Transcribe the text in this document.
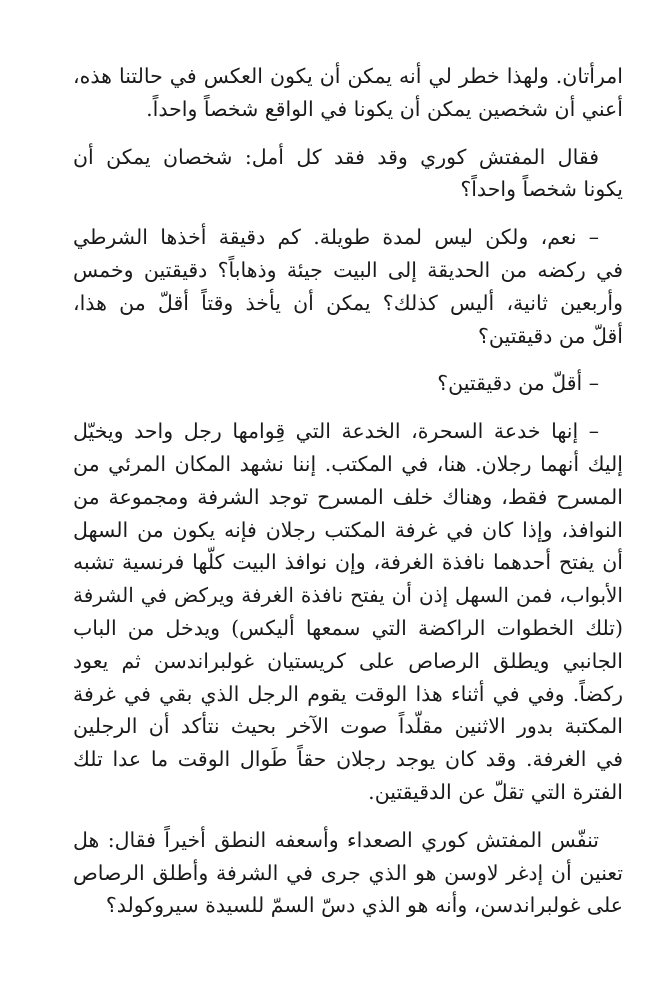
امرأتان. ولهذا خطر لي أنه يمكن أن يكون العكس في حالتنا هذه،
أعني أن شخصين يمكن أن يكونا في الواقع شخصاً واحداً.
فقال المفتش كوري وقد فقد كل أمل: شخصان يمكن أن
يكونا شخصاً واحداً؟
– نعم، ولكن ليس لمدة طويلة. كم دقيقة أخذها الشرطي
في ركضه من الحديقة إلى البيت جيئة وذهاباً؟ دقيقتين وخمس
وأربعين ثانية، أليس كذلك؟ يمكن أن يأخذ وقتاً أقلّ من هذا،
أقلّ من دقيقتين؟
– أقلّ من دقيقتين؟
– إنها خدعة السحرة، الخدعة التي قِوامها رجل واحد ويخيّل
إليك أنهما رجلان. هنا، في المكتب. إننا نشهد المكان المرئي من
المسرح فقط، وهناك خلف المسرح توجد الشرفة ومجموعة من
النوافذ، وإذا كان في غرفة المكتب رجلان فإنه يكون من السهل
أن يفتح أحدهما نافذة الغرفة، وإن نوافذ البيت كلّها فرنسية تشبه
الأبواب، فمن السهل إذن أن يفتح نافذة الغرفة ويركض في الشرفة
(تلك الخطوات الراكضة التي سمعها أليكس) ويدخل من الباب
الجانبي ويطلق الرصاص على كريستيان غولبراندسن ثم يعود
ركضاً. وفي في أثناء هذا الوقت يقوم الرجل الذي بقي في غرفة
المكتبة بدور الاثنين مقلّداً صوت الآخر بحيث نتأكد أن الرجلين
في الغرفة. وقد كان يوجد رجلان حقاً طَوال الوقت ما عدا تلك
الفترة التي تقلّ عن الدقيقتين.
تنفّس المفتش كوري الصعداء وأسعفه النطق أخيراً فقال: هل
تعنين أن إدغر لاوسن هو الذي جرى في الشرفة وأطلق الرصاص
على غولبراندسن، وأنه هو الذي دسّ السمّ للسيدة سيروكولد؟
